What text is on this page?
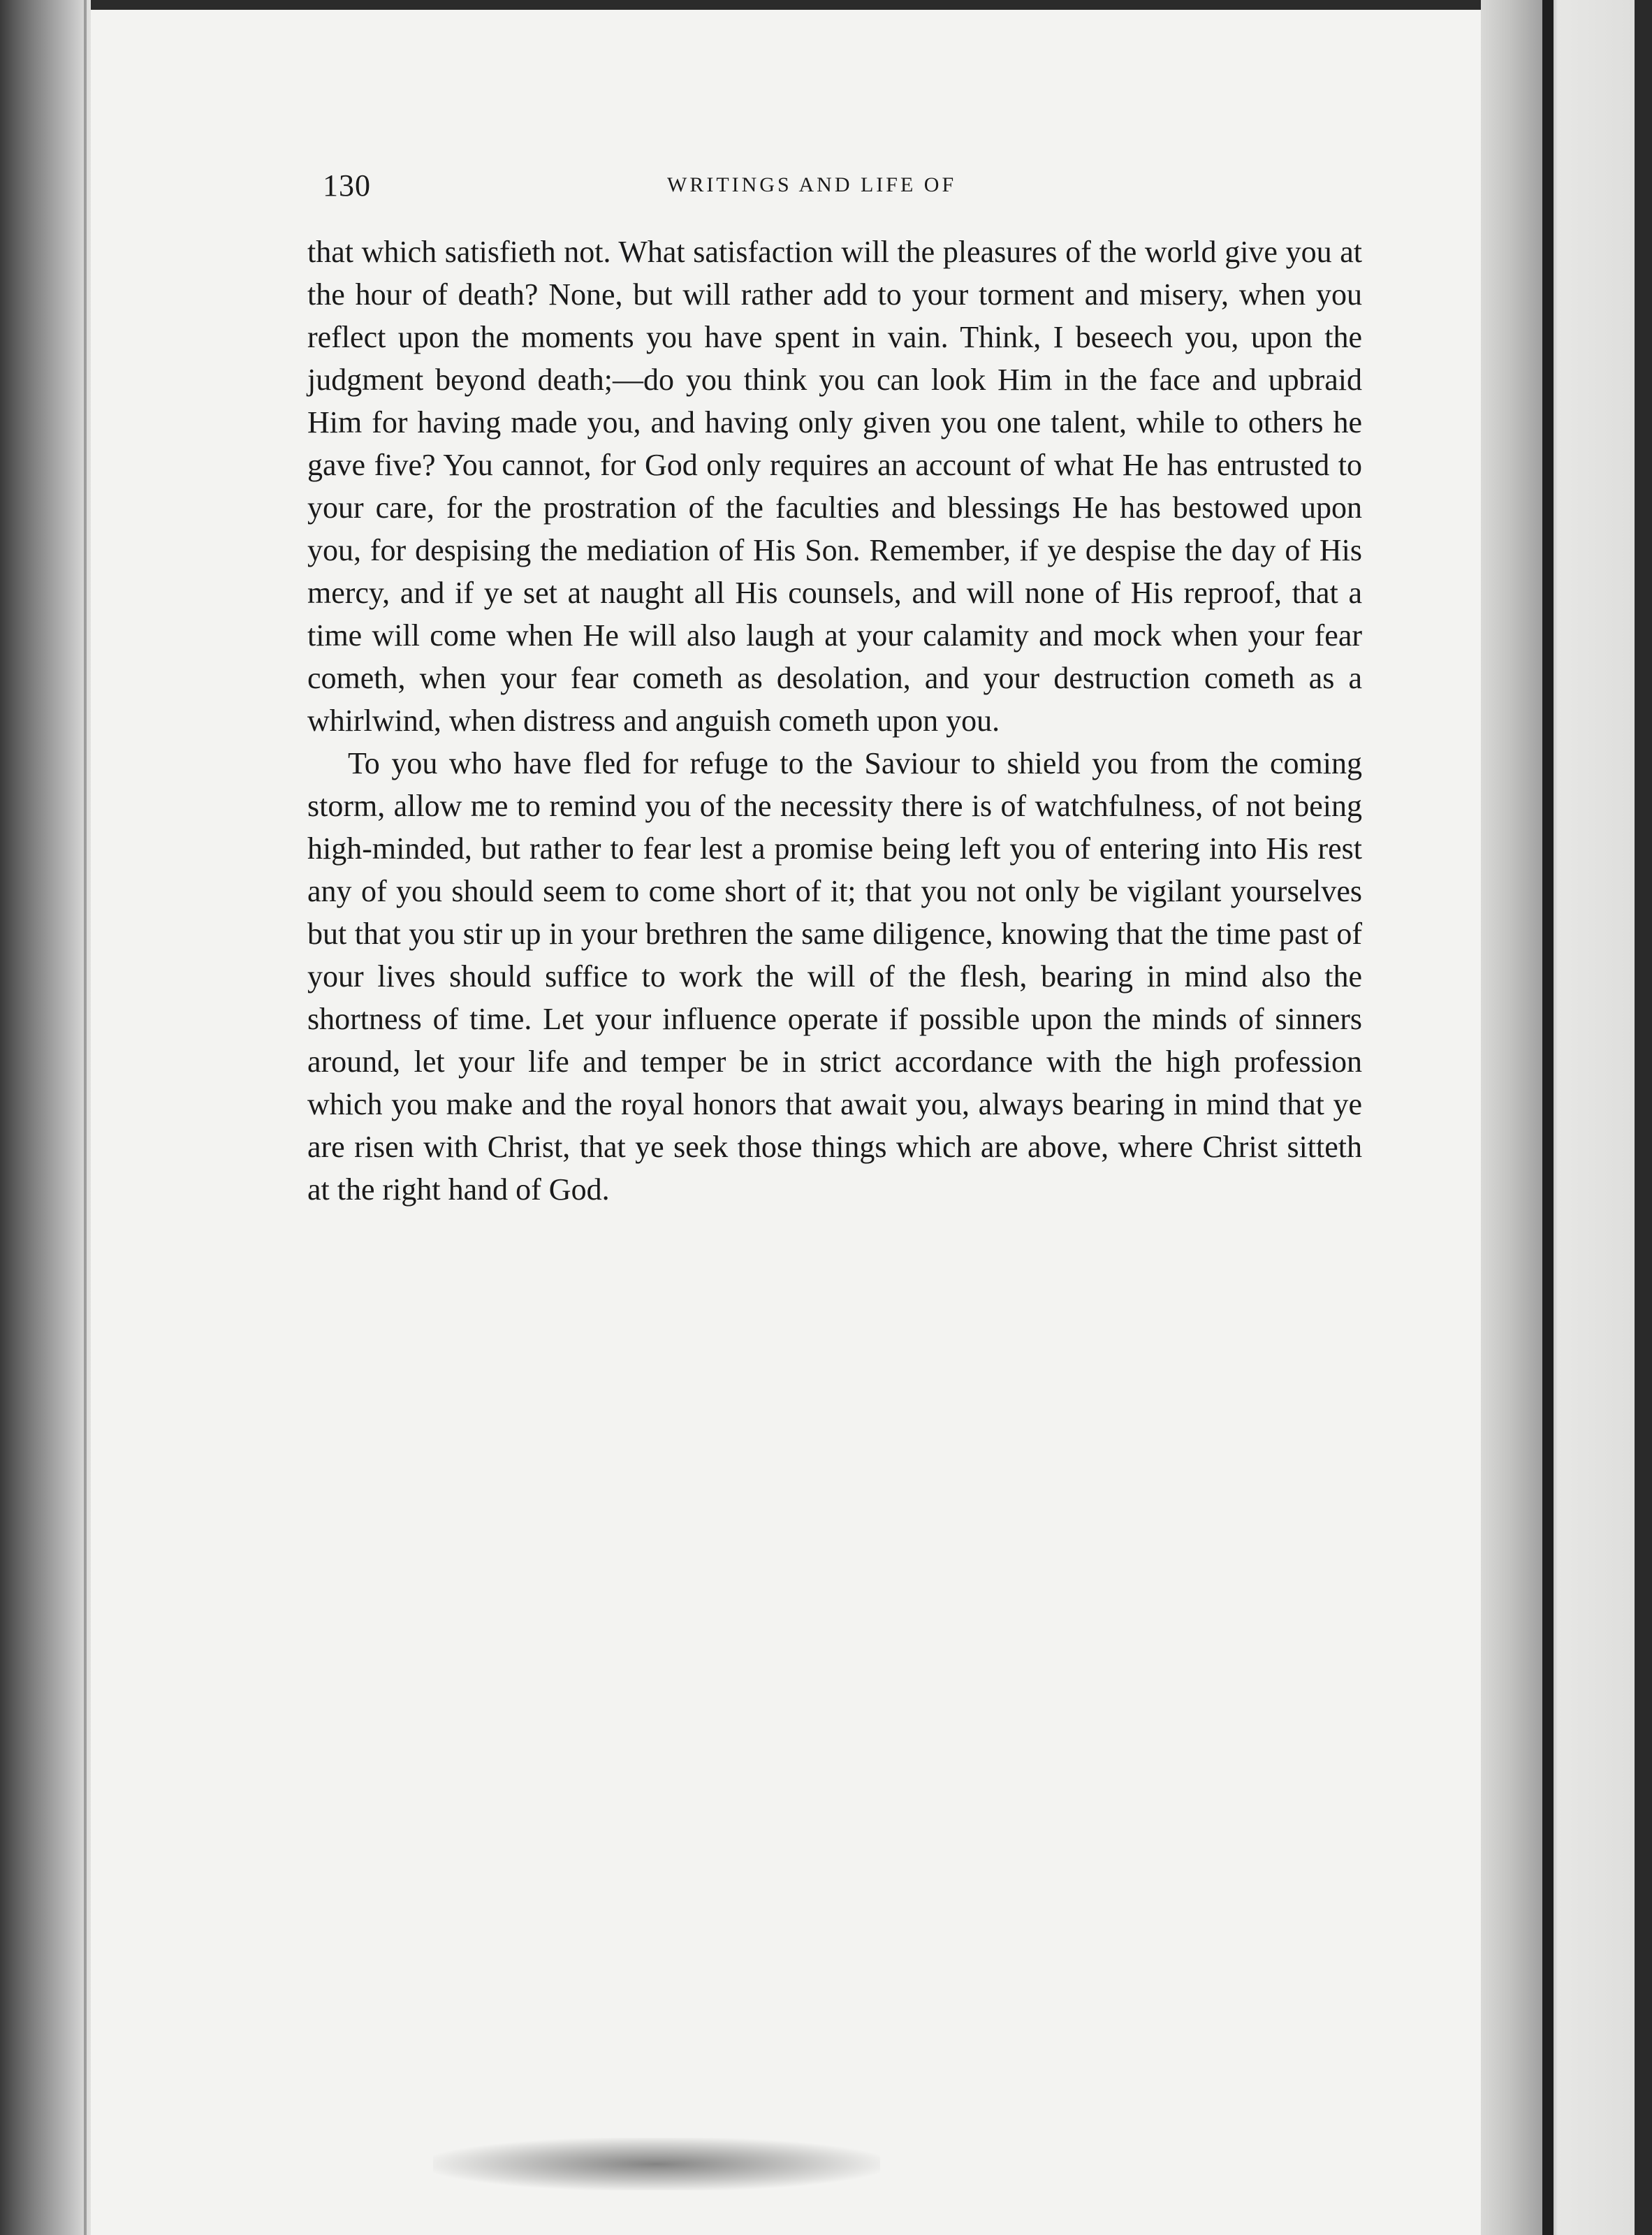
130	WRITINGS AND LIFE OF

that which satisfieth not. What satisfaction will the pleasures of the world give you at the hour of death? None, but will rather add to your torment and misery, when you reflect upon the moments you have spent in vain. Think, I beseech you, upon the judgment beyond death;—do you think you can look Him in the face and upbraid Him for having made you, and having only given you one talent, while to others he gave five? You cannot, for God only requires an account of what He has entrusted to your care, for the prostration of the faculties and blessings He has bestowed upon you, for despising the mediation of His Son. Remember, if ye despise the day of His mercy, and if ye set at naught all His counsels, and will none of His reproof, that a time will come when He will also laugh at your calamity and mock when your fear cometh, when your fear cometh as desolation, and your destruction cometh as a whirlwind, when distress and anguish cometh upon you.

To you who have fled for refuge to the Saviour to shield you from the coming storm, allow me to remind you of the necessity there is of watchfulness, of not being high-minded, but rather to fear lest a promise being left you of entering into His rest any of you should seem to come short of it; that you not only be vigilant yourselves but that you stir up in your brethren the same diligence, knowing that the time past of your lives should suffice to work the will of the flesh, bearing in mind also the shortness of time. Let your influence operate if possible upon the minds of sinners around, let your life and temper be in strict accordance with the high profession which you make and the royal honors that await you, always bearing in mind that ye are risen with Christ, that ye seek those things which are above, where Christ sitteth at the right hand of God.
